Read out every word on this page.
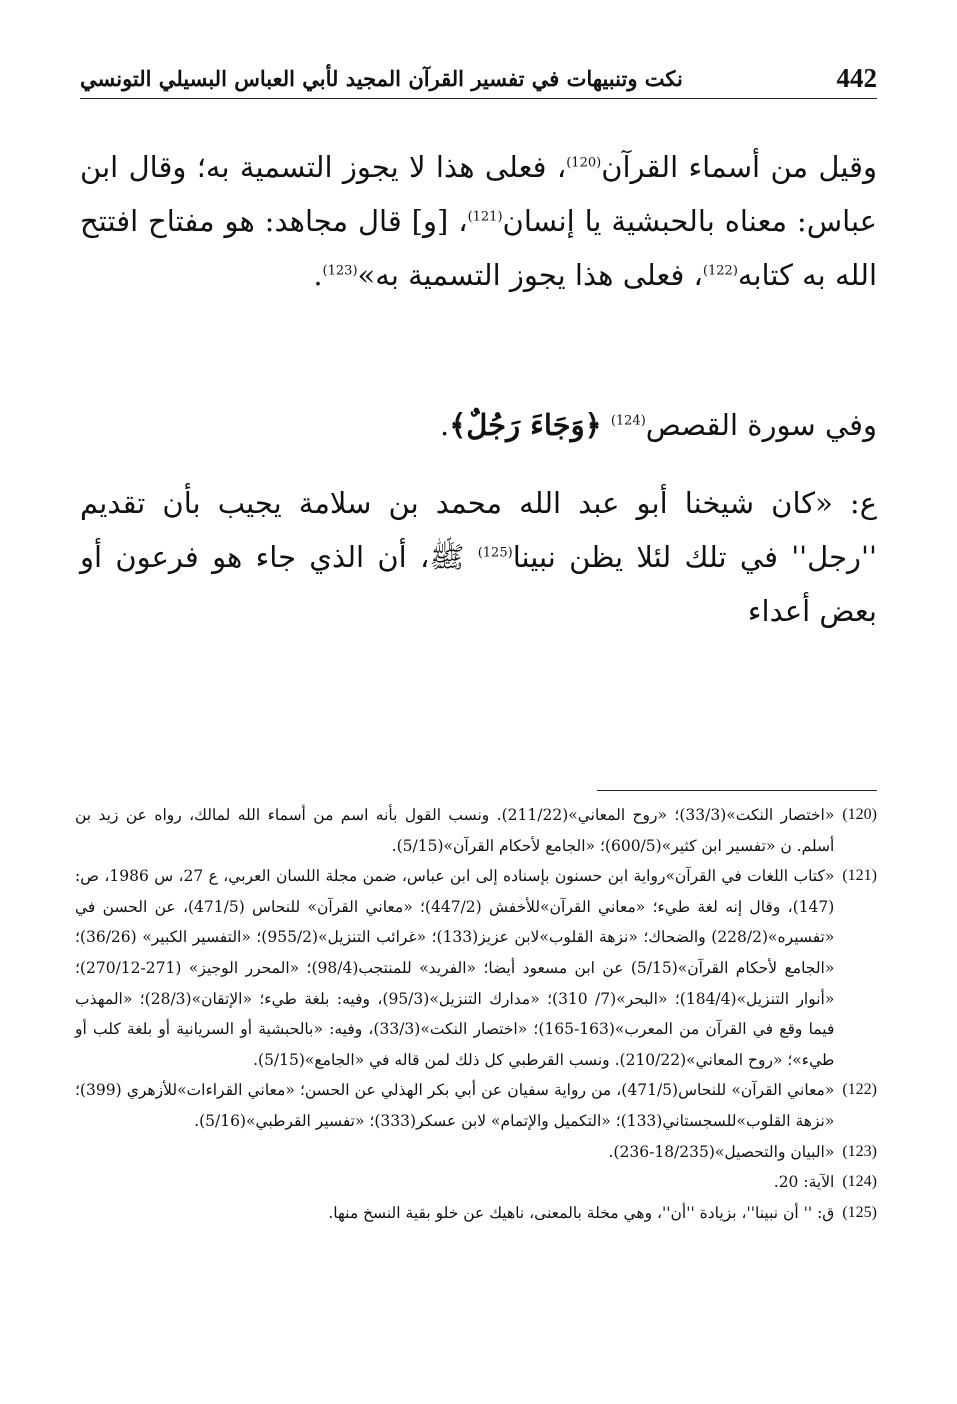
442
نكت وتنبيهات في تفسير القرآن المجيد لأبي العباس البسيلي التونسي
وقيل من أسماء القرآن$^{(120)}$، فعلى هذا لا يجوز التسمية به؛ وقال ابن عباس: معناه بالحبشية يا إنسان$^{(121)}$، [و] قال مجاهد: هو مفتاح افتتح الله به كتابه$^{(122)}$، فعلى هذا يجوز التسمية به»$^{(123)}$.
وفي سورة القصص$^{(124)}$ ﴿وَجَاءَ رَجُلٌ﴾.
ع: «كان شيخنا أبو عبد الله محمد بن سلامة يجيب بأن تقديم ''رجل'' في تلك لئلا يظن نبينا$^{(125)}$ ﷺ، أن الذي جاء هو فرعون أو بعض أعداء
(120)
«اختصار النكت»(33/3)؛ «روح المعاني»(211/22). ونسب القول بأنه اسم من أسماء الله لمالك، رواه عن زيد بن أسلم. ن «تفسير ابن كثير»(600/5)؛ «الجامع لأحكام القرآن»(5/15).
(121)
«كتاب اللغات في القرآن»رواية ابن حسنون بإسناده إلى ابن عباس، ضمن مجلة اللسان العربي، ع 27، س 1986، ص: (147)، وقال إنه لغة طيء؛ «معاني القرآن»للأخفش (447/2)؛ «معاني القرآن» للنحاس (471/5)، عن الحسن في «تفسيره»(228/2) والضحاك؛ «نزهة القلوب»لابن عزيز(133)؛ «غرائب التنزيل»(955/2)؛ «التفسير الكبير» (36/26)؛ «الجامع لأحكام القرآن»(5/15) عن ابن مسعود أيضا؛ «الفريد» للمنتجب(98/4)؛ «المحرر الوجيز» (271-270/12)؛ «أنوار التنزيل»(184/4)؛ «البحر»(7/ 310)؛ «مدارك التنزيل»(95/3)، وفيه: بلغة طيء؛ «الإتقان»(28/3)؛ «المهذب فيما وقع في القرآن من المعرب»(163-165)؛ «اختصار النكت»(33/3)، وفيه: «بالحبشية أو السريانية أو بلغة كلب أو طيء»؛ «روح المعاني»(210/22). ونسب القرطبي كل ذلك لمن قاله في «الجامع»(5/15).
(122)
«معاني القرآن» للنحاس(471/5)، من رواية سفيان عن أبي بكر الهذلي عن الحسن؛ «معاني القراءات»للأزهري (399)؛ «نزهة القلوب»للسجستاني(133)؛ «التكميل والإتمام» لابن عسكر(333)؛ «تفسير القرطبي»(5/16).
(123)
«البيان والتحصيل»(18/235-236).
(124)
الآية: 20.
(125)
ق: '' أن نبينا''، بزيادة ''أن''، وهي مخلة بالمعنى، ناهيك عن خلو بقية النسخ منها.
